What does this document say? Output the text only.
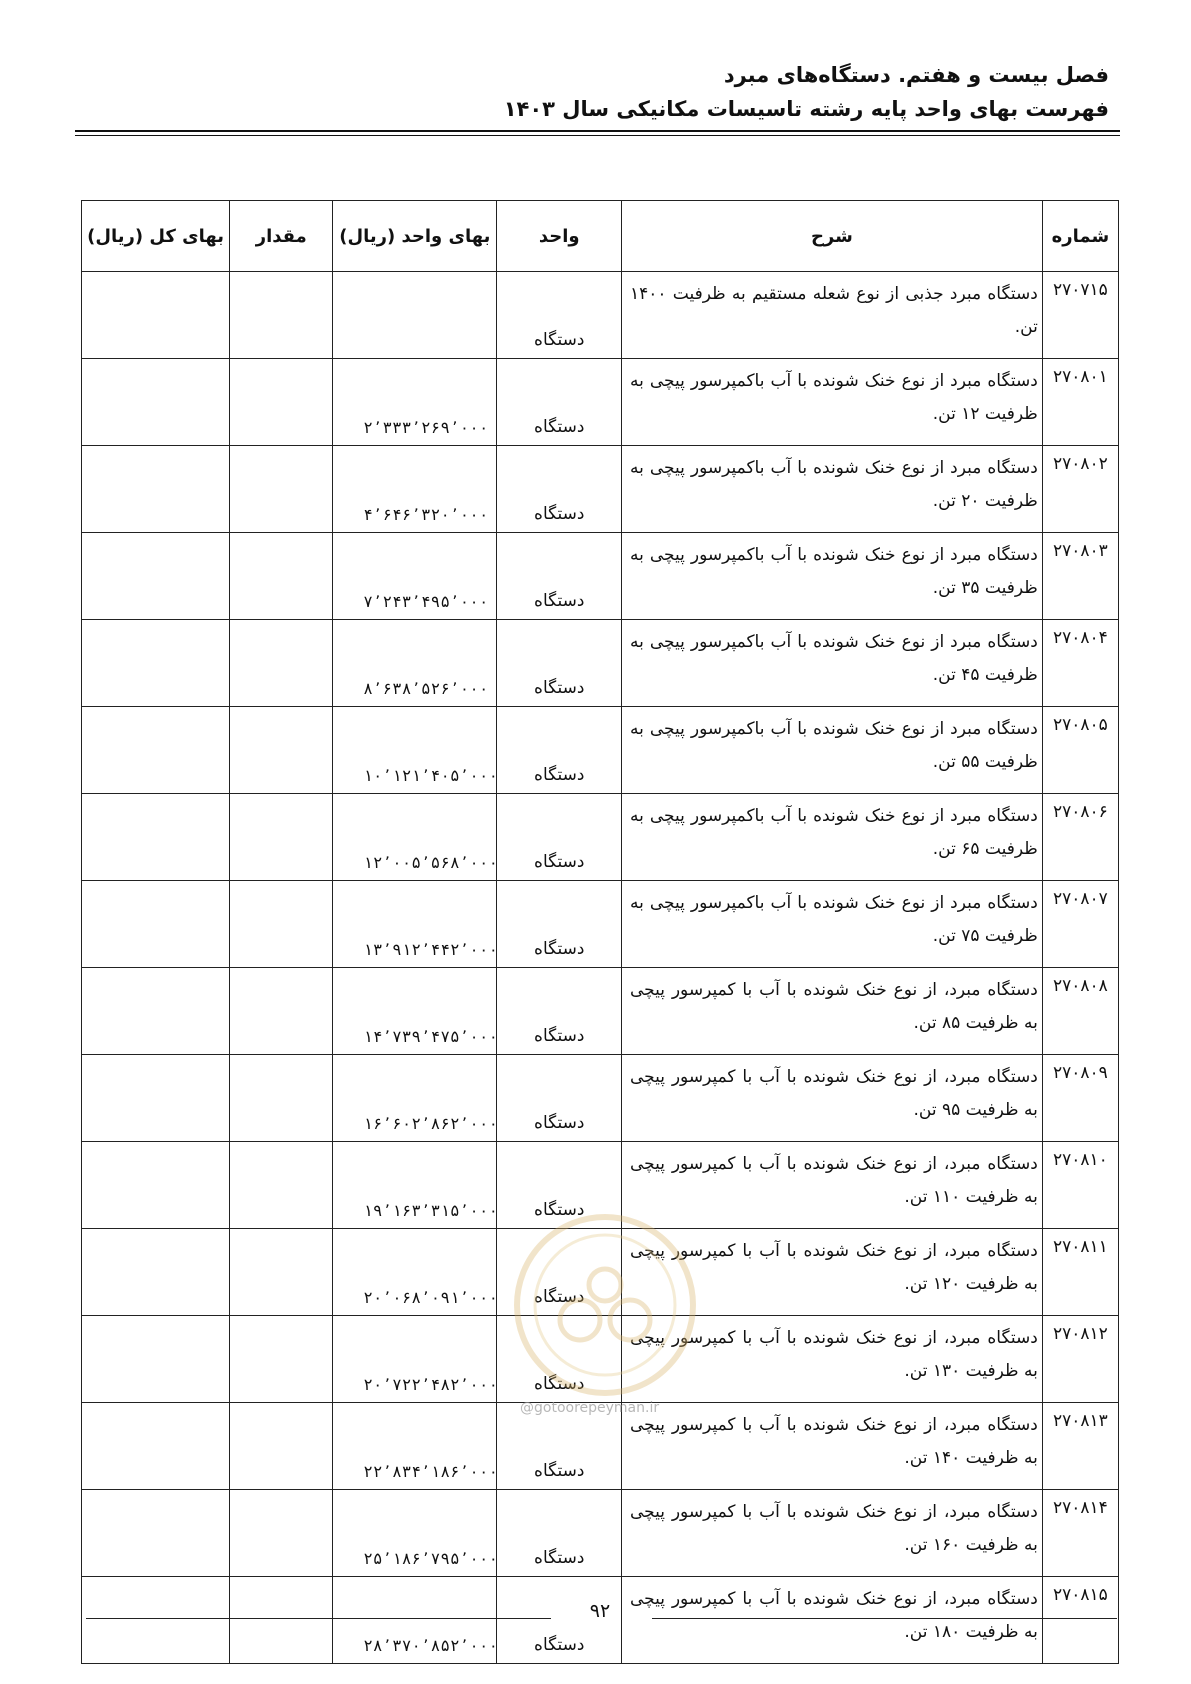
فصل بیست و هفتم. دستگاه‌های مبرد
فهرست بهای واحد پایه رشته تاسیسات مکانیکی سال ۱۴۰۳
شماره	شرح	واحد	بهای واحد (ریال)	مقدار	بهای کل (ریال)
۲۷۰۷۱۵	دستگاه مبرد جذبی از نوع شعله مستقیم به ظرفیت ۱۴۰۰ تن.	دستگاه			
۲۷۰۸۰۱	دستگاه مبرد از نوع خنک شونده با آب باکمپرسور پیچی به ظرفیت ۱۲ تن.	دستگاه	۲٬۳۳۳٬۲۶۹٬۰۰۰		
۲۷۰۸۰۲	دستگاه مبرد از نوع خنک شونده با آب باکمپرسور پیچی به ظرفیت ۲۰ تن.	دستگاه	۴٬۶۴۶٬۳۲۰٬۰۰۰		
۲۷۰۸۰۳	دستگاه مبرد از نوع خنک شونده با آب باکمپرسور پیچی به ظرفیت ۳۵ تن.	دستگاه	۷٬۲۴۳٬۴۹۵٬۰۰۰		
۲۷۰۸۰۴	دستگاه مبرد از نوع خنک شونده با آب باکمپرسور پیچی به ظرفیت ۴۵ تن.	دستگاه	۸٬۶۳۸٬۵۲۶٬۰۰۰		
۲۷۰۸۰۵	دستگاه مبرد از نوع خنک شونده با آب باکمپرسور پیچی به ظرفیت ۵۵ تن.	دستگاه	۱۰٬۱۲۱٬۴۰۵٬۰۰۰		
۲۷۰۸۰۶	دستگاه مبرد از نوع خنک شونده با آب باکمپرسور پیچی به ظرفیت ۶۵ تن.	دستگاه	۱۲٬۰۰۵٬۵۶۸٬۰۰۰		
۲۷۰۸۰۷	دستگاه مبرد از نوع خنک شونده با آب باکمپرسور پیچی به ظرفیت ۷۵ تن.	دستگاه	۱۳٬۹۱۲٬۴۴۲٬۰۰۰		
۲۷۰۸۰۸	دستگاه مبرد، از نوع خنک شونده با آب با کمپرسور پیچی به ظرفیت ۸۵ تن.	دستگاه	۱۴٬۷۳۹٬۴۷۵٬۰۰۰		
۲۷۰۸۰۹	دستگاه مبرد، از نوع خنک شونده با آب با کمپرسور پیچی به ظرفیت ۹۵ تن.	دستگاه	۱۶٬۶۰۲٬۸۶۲٬۰۰۰		
۲۷۰۸۱۰	دستگاه مبرد، از نوع خنک شونده با آب با کمپرسور پیچی به ظرفیت ۱۱۰ تن.	دستگاه	۱۹٬۱۶۳٬۳۱۵٬۰۰۰		
۲۷۰۸۱۱	دستگاه مبرد، از نوع خنک شونده با آب با کمپرسور پیچی به ظرفیت ۱۲۰ تن.	دستگاه	۲۰٬۰۶۸٬۰۹۱٬۰۰۰		
۲۷۰۸۱۲	دستگاه مبرد، از نوع خنک شونده با آب با کمپرسور پیچی به ظرفیت ۱۳۰ تن.	دستگاه	۲۰٬۷۲۲٬۴۸۲٬۰۰۰		
۲۷۰۸۱۳	دستگاه مبرد، از نوع خنک شونده با آب با کمپرسور پیچی به ظرفیت ۱۴۰ تن.	دستگاه	۲۲٬۸۳۴٬۱۸۶٬۰۰۰		
۲۷۰۸۱۴	دستگاه مبرد، از نوع خنک شونده با آب با کمپرسور پیچی به ظرفیت ۱۶۰ تن.	دستگاه	۲۵٬۱۸۶٬۷۹۵٬۰۰۰		
۲۷۰۸۱۵	دستگاه مبرد، از نوع خنک شونده با آب با کمپرسور پیچی به ظرفیت ۱۸۰ تن.	دستگاه	۲۸٬۳۷۰٬۸۵۲٬۰۰۰		
@gotoorepeyman.ir
۹۲
